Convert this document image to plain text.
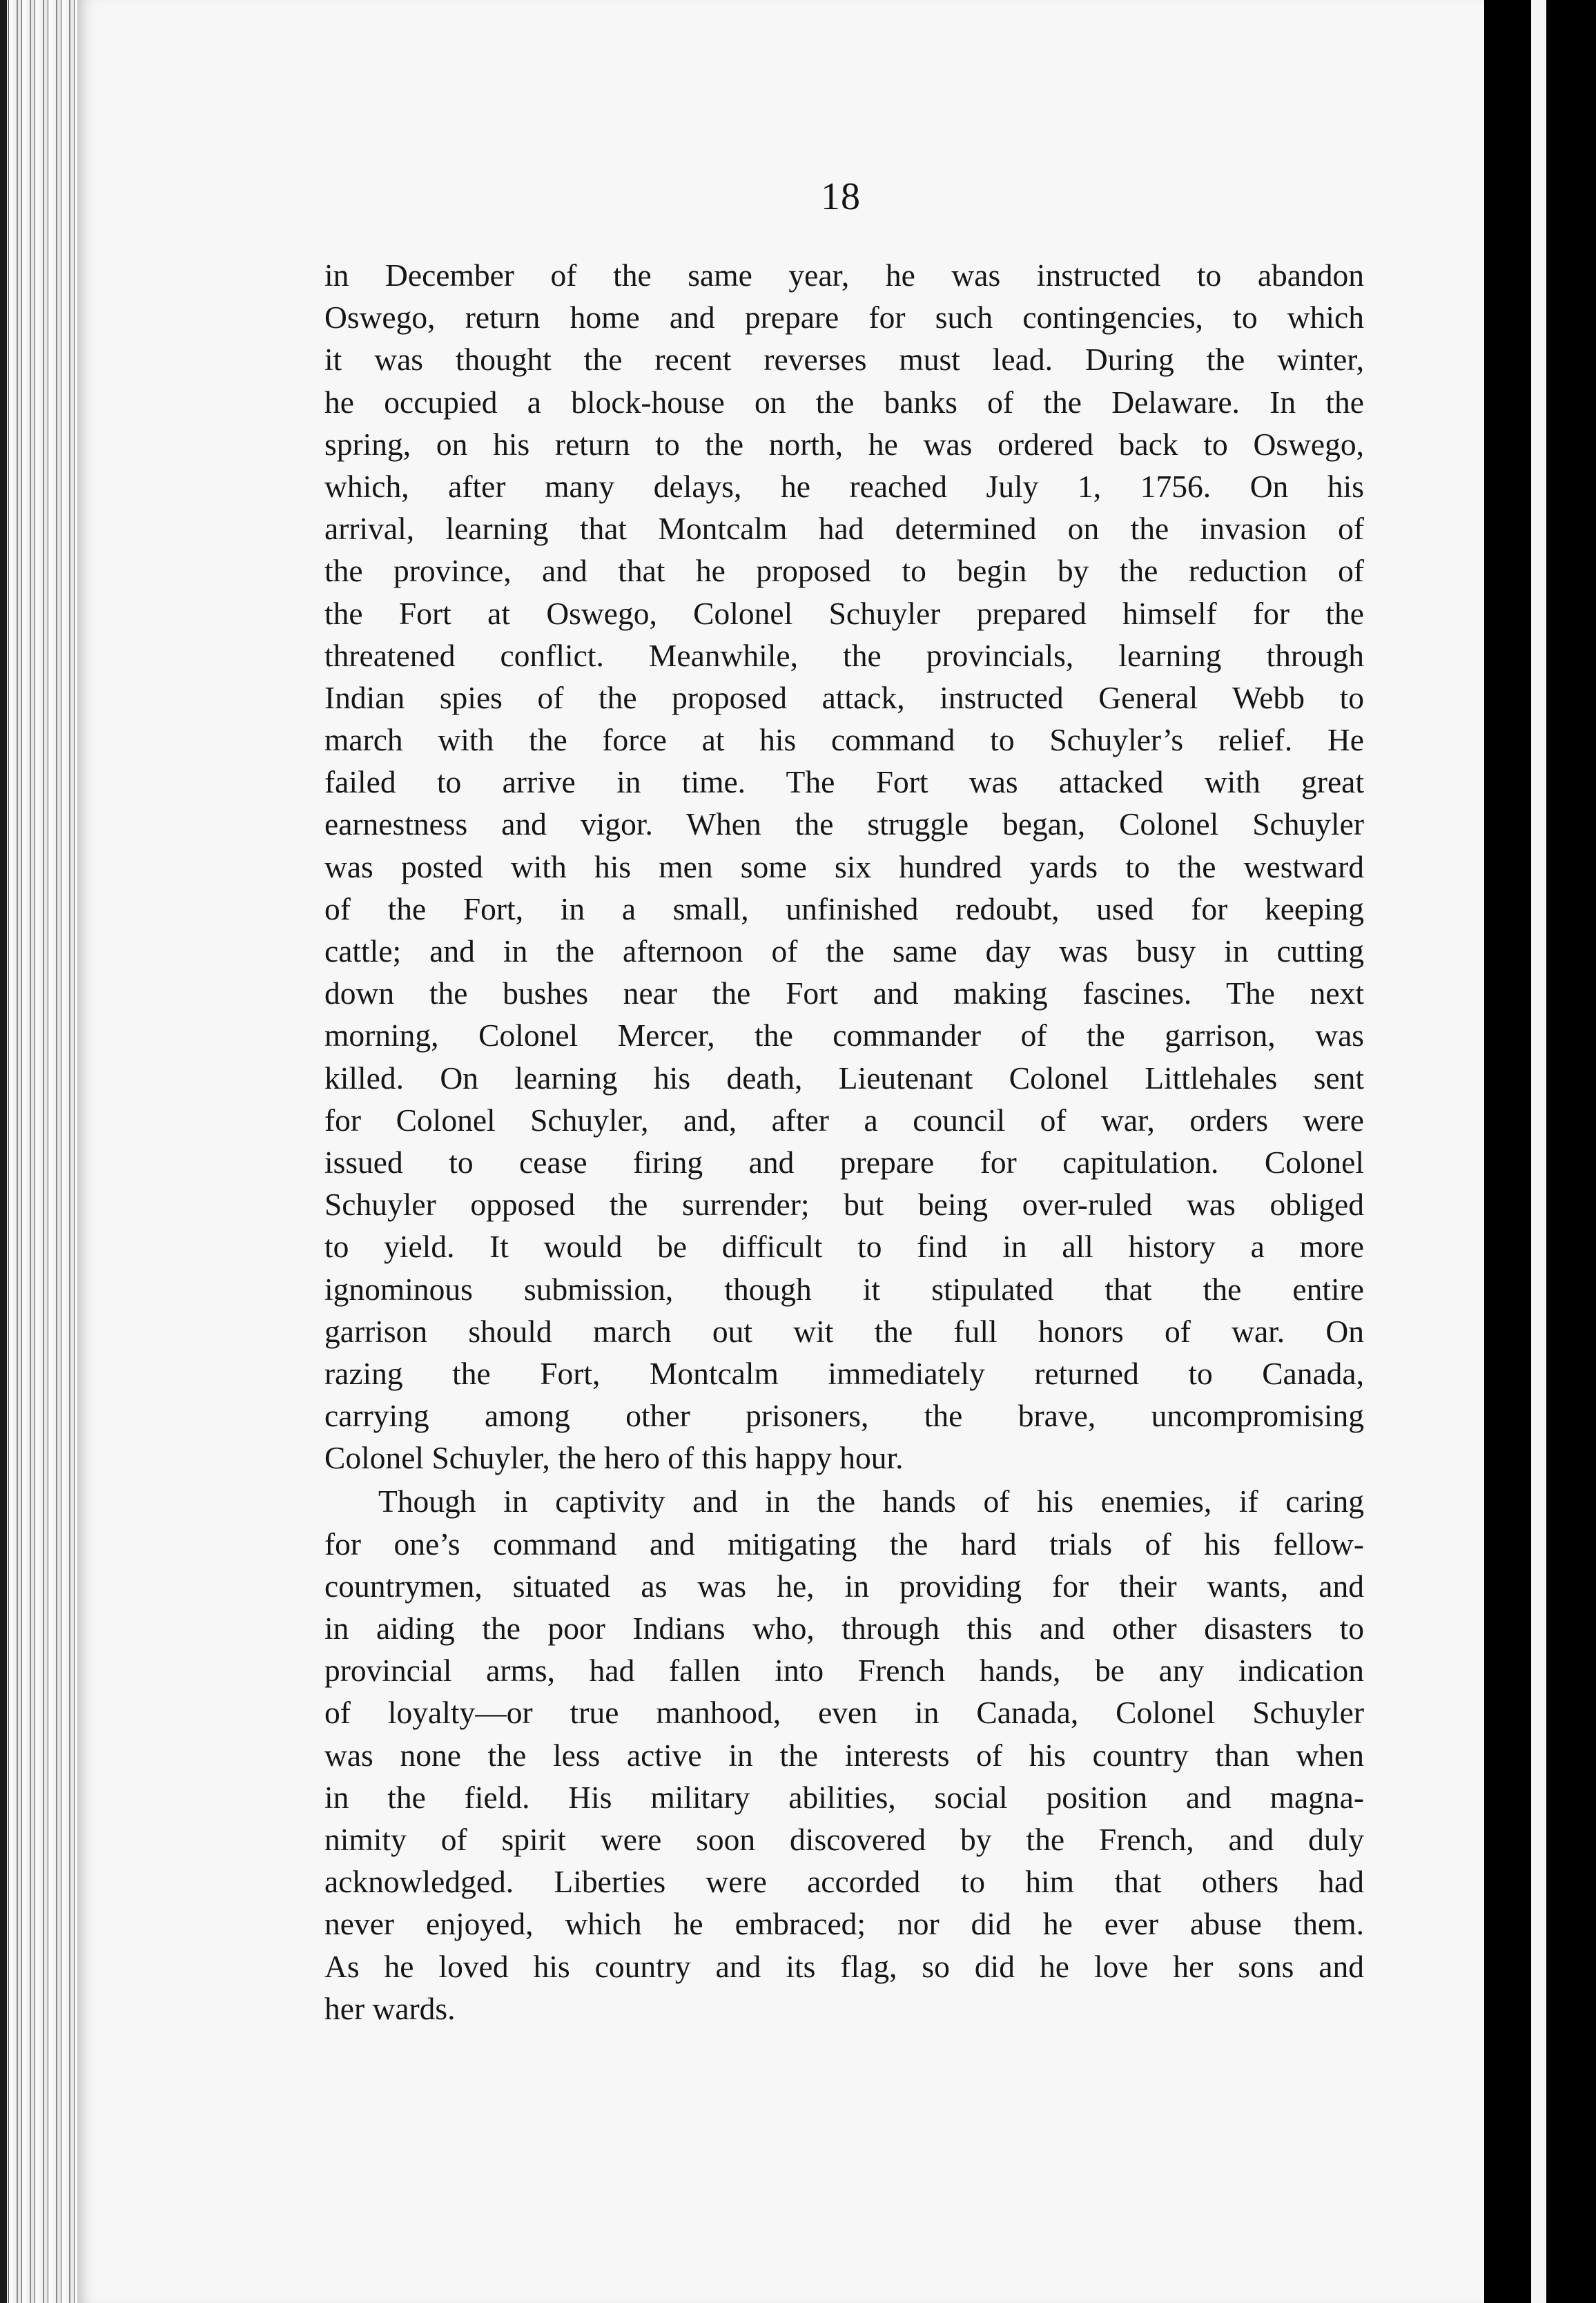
18
in December of the same year, he was instructed to abandon
Oswego, return home and prepare for such contingencies, to which
it was thought the recent reverses must lead. During the winter,
he occupied a block-house on the banks of the Delaware. In the
spring, on his return to the north, he was ordered back to Oswego,
which, after many delays, he reached July 1, 1756. On his
arrival, learning that Montcalm had determined on the invasion of
the province, and that he proposed to begin by the reduction of
the Fort at Oswego, Colonel Schuyler prepared himself for the
threatened conflict. Meanwhile, the provincials, learning through
Indian spies of the proposed attack, instructed General Webb to
march with the force at his command to Schuyler’s relief. He
failed to arrive in time. The Fort was attacked with great
earnestness and vigor. When the struggle began, Colonel Schuyler
was posted with his men some six hundred yards to the westward
of the Fort, in a small, unfinished redoubt, used for keeping
cattle; and in the afternoon of the same day was busy in cutting
down the bushes near the Fort and making fascines. The next
morning, Colonel Mercer, the commander of the garrison, was
killed. On learning his death, Lieutenant Colonel Littlehales sent
for Colonel Schuyler, and, after a council of war, orders were
issued to cease firing and prepare for capitulation. Colonel
Schuyler opposed the surrender; but being over-ruled was obliged
to yield. It would be difficult to find in all history a more
ignominous submission, though it stipulated that the entire
garrison should march out wit the full honors of war. On
razing the Fort, Montcalm immediately returned to Canada,
carrying among other prisoners, the brave, uncompromising
Colonel Schuyler, the hero of this happy hour.
Though in captivity and in the hands of his enemies, if caring
for one’s command and mitigating the hard trials of his fellow-
countrymen, situated as was he, in providing for their wants, and
in aiding the poor Indians who, through this and other disasters to
provincial arms, had fallen into French hands, be any indication
of loyalty—or true manhood, even in Canada, Colonel Schuyler
was none the less active in the interests of his country than when
in the field. His military abilities, social position and magna-
nimity of spirit were soon discovered by the French, and duly
acknowledged. Liberties were accorded to him that others had
never enjoyed, which he embraced; nor did he ever abuse them.
As he loved his country and its flag, so did he love her sons and
her wards.
